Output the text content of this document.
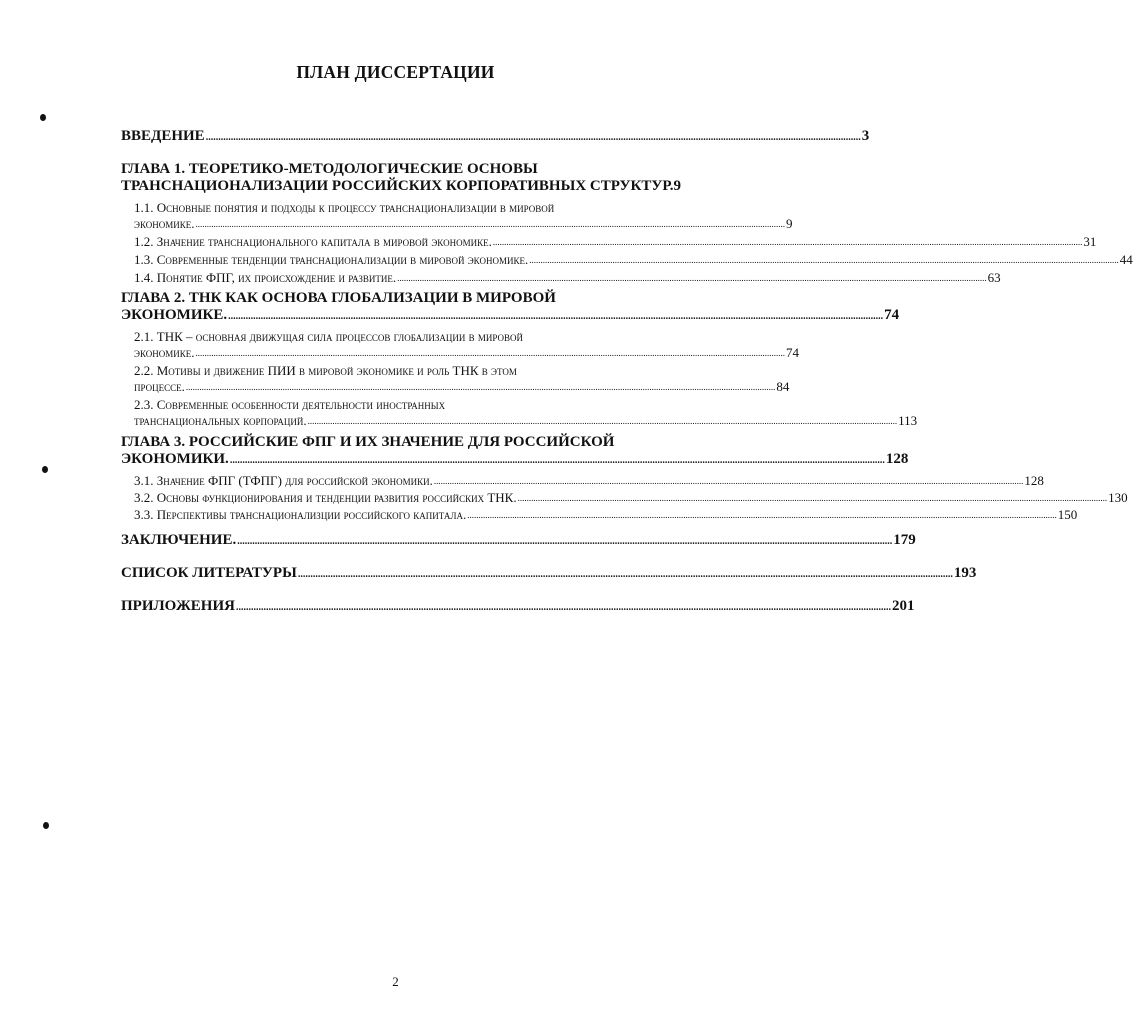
ПЛАН ДИССЕРТАЦИИ
ВВЕДЕНИЕ ...................................................................................................................................................................................................................................................................... 3
ГЛАВА 1. ТЕОРЕТИКО-МЕТОДОЛОГИЧЕСКИЕ ОСНОВЫ
ТРАНСНАЦИОНАЛИЗАЦИИ РОССИЙСКИХ КОРПОРАТИВНЫХ СТРУКТУР.9
1.1. Основные понятия и подходы к процессу транснационализации в мировой
экономике. ...................................................................................................................................................................................................................................................................... 9
1.2. Значение транснационального капитала в мировой экономике. ...................................................................................................................................................................................................................................................................... 31
1.3. Современные тенденции транснационализации в мировой экономике. ...................................................................................................................................................................................................................................................................... 44
1.4. Понятие ФПГ, их происхождение и развитие. ...................................................................................................................................................................................................................................................................... 63
ГЛАВА 2. ТНК КАК ОСНОВА ГЛОБАЛИЗАЦИИ В МИРОВОЙ
ЭКОНОМИКЕ. ...................................................................................................................................................................................................................................................................... 74
2.1. ТНК – основная движущая сила процессов глобализации в мировой
экономике. ...................................................................................................................................................................................................................................................................... 74
2.2. Мотивы и движение ПИИ в мировой экономике и роль ТНК в этом
процессе. ...................................................................................................................................................................................................................................................................... 84
2.3. Современные особенности деятельности иностранных
транснациональных корпораций. ...................................................................................................................................................................................................................................................................... 113
ГЛАВА 3. РОССИЙСКИЕ ФПГ И ИХ ЗНАЧЕНИЕ ДЛЯ РОССИЙСКОЙ
ЭКОНОМИКИ. ...................................................................................................................................................................................................................................................................... 128
3.1. Значение ФПГ (ТФПГ) для российской экономики. ...................................................................................................................................................................................................................................................................... 128
3.2. Основы функционирования и тенденции развития российских ТНК. ...................................................................................................................................................................................................................................................................... 130
3.3. Перспективы транснационализции российского капитала. ...................................................................................................................................................................................................................................................................... 150
ЗАКЛЮЧЕНИЕ. ...................................................................................................................................................................................................................................................................... 179
СПИСОК ЛИТЕРАТУРЫ ...................................................................................................................................................................................................................................................................... 193
ПРИЛОЖЕНИЯ ...................................................................................................................................................................................................................................................................... 201
2
